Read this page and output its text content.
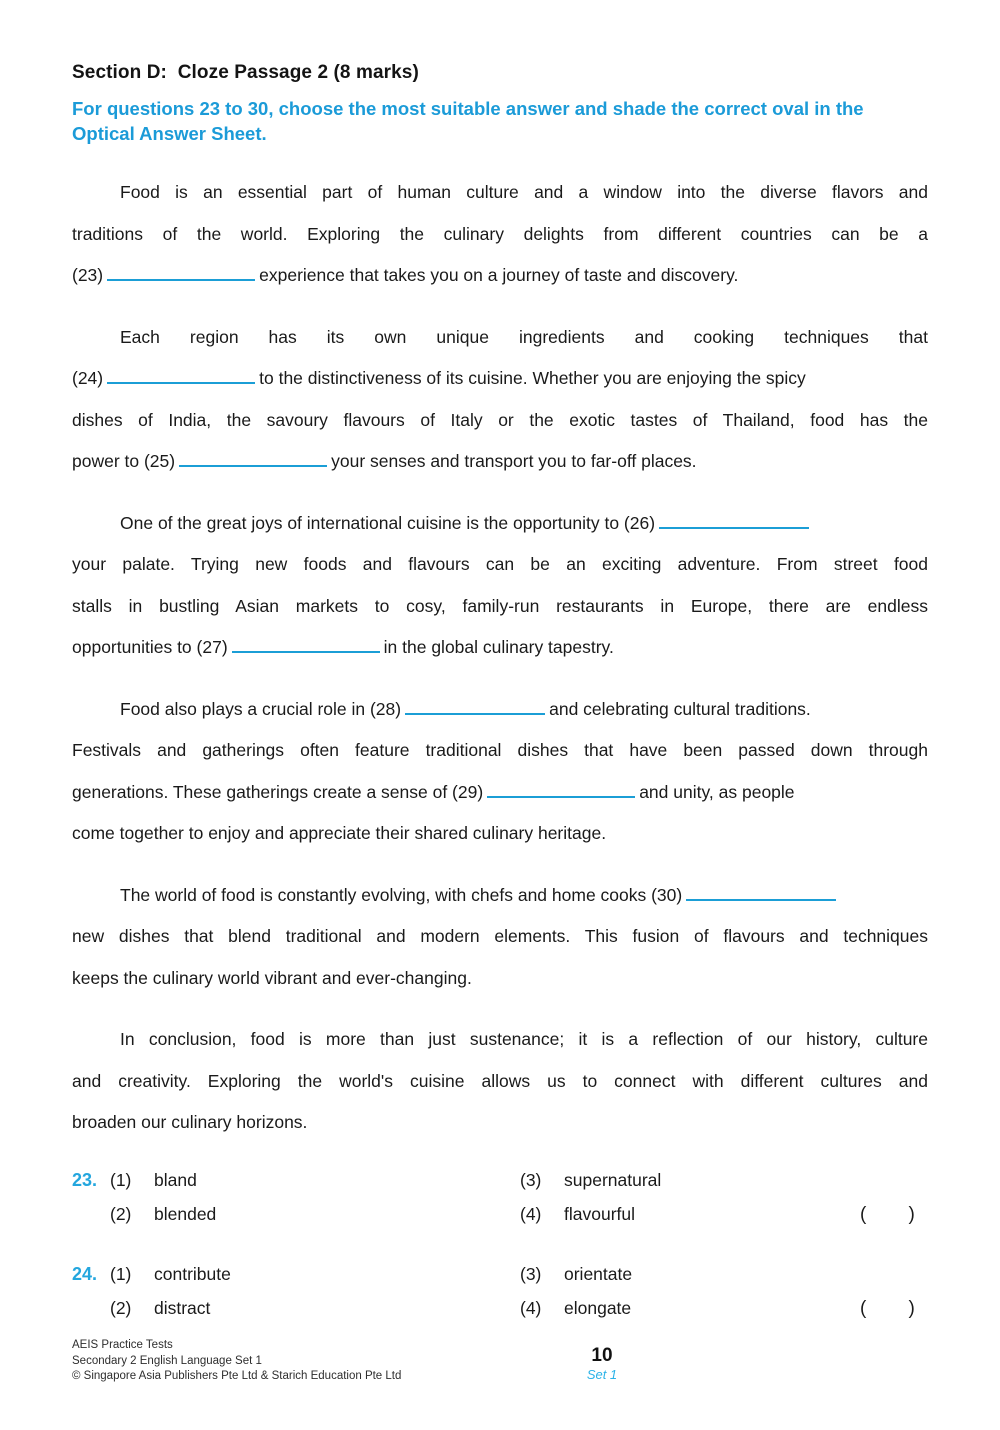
Section D:  Cloze Passage 2 (8 marks)

For questions 23 to 30, choose the most suitable answer and shade the correct oval in the Optical Answer Sheet.

Food is an essential part of human culture and a window into the diverse flavors and
traditions of the world. Exploring the culinary delights from different countries can be a
(23)	experience that takes you on a journey of taste and discovery.
Each region has its own unique ingredients and cooking techniques that
(24)	to the distinctiveness of its cuisine. Whether you are enjoying the spicy
dishes of India, the savoury flavours of Italy or the exotic tastes of Thailand, food has the
power to (25)	your senses and transport you to far-off places.
One of the great joys of international cuisine is the opportunity to (26)
your palate. Trying new foods and flavours can be an exciting adventure. From street food
stalls in bustling Asian markets to cosy, family-run restaurants in Europe, there are endless
opportunities to (27)	in the global culinary tapestry.
Food also plays a crucial role in (28)	and celebrating cultural traditions.
Festivals and gatherings often feature traditional dishes that have been passed down through
generations. These gatherings create a sense of (29)	and unity, as people
come together to enjoy and appreciate their shared culinary heritage.
The world of food is constantly evolving, with chefs and home cooks (30)
new dishes that blend traditional and modern elements. This fusion of flavours and techniques
keeps the culinary world vibrant and ever-changing.
In conclusion, food is more than just sustenance; it is a reflection of our history, culture
and creativity. Exploring the world's cuisine allows us to connect with different cultures and
broaden our culinary horizons.
23. (1)	bland	(3)	supernatural
(2)	blended	(4)	flavourful	(        )
24. (1)	contribute	(3)	orientate
(2)	distract	(4)	elongate	(        )
AEIS Practice Tests
Secondary 2 English Language Set 1
© Singapore Asia Publishers Pte Ltd & Starich Education Pte Ltd
10
Set 1
